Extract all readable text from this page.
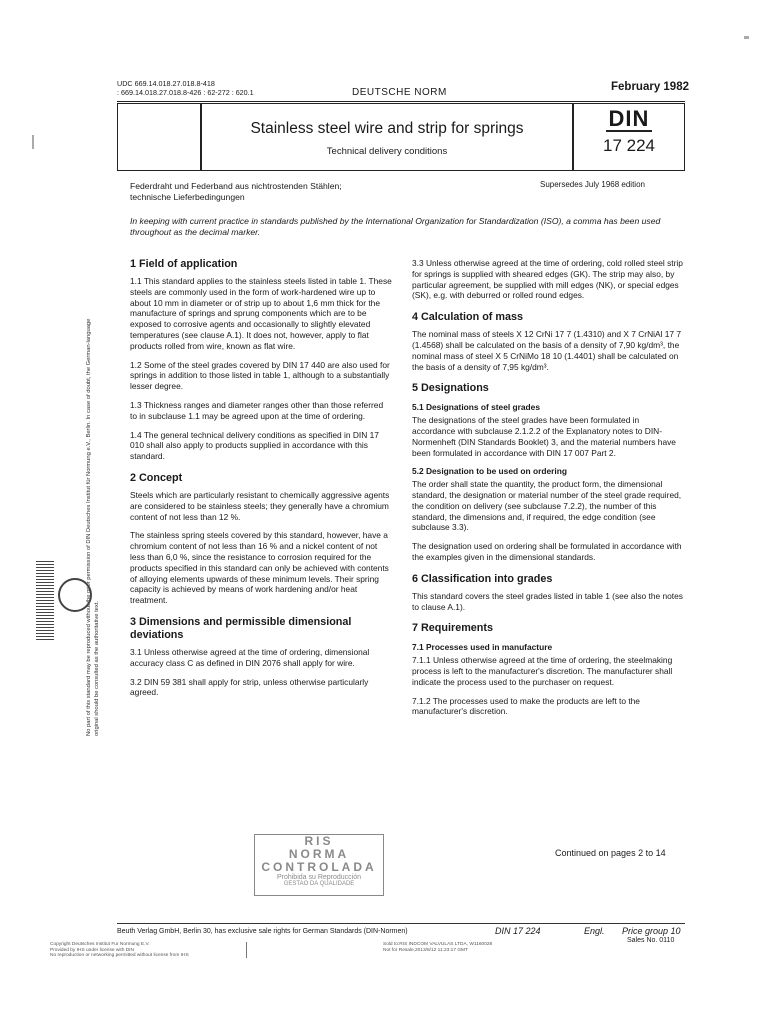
UDC 669.14.018.27.018.8-418
: 669.14.018.27.018.8-426 : 62-272 : 620.1	DEUTSCHE NORM	February 1982
Stainless steel wire and strip for springs
Technical delivery conditions
DIN
17 224
Federdraht und Federband aus nichtrostenden Stählen;
technische Lieferbedingungen
Supersedes July 1968 edition
In keeping with current practice in standards published by the International Organization for Standardization (ISO), a comma has been used throughout as the decimal marker.
1 Field of application

1.1 This standard applies to the stainless steels listed in table 1. These steels are commonly used in the form of work-hardened wire up to about 10 mm in diameter or of strip up to about 1,6 mm thick for the manufacture of springs and sprung components which are to be exposed to corrosive agents and occasionally to slightly elevated temperatures (see clause A.1). It does not, however, apply to flat products rolled from wire, known as flat wire.

1.2 Some of the steel grades covered by DIN 17 440 are also used for springs in addition to those listed in table 1, although to a substantially lesser degree.

1.3 Thickness ranges and diameter ranges other than those referred to in subclause 1.1 may be agreed upon at the time of ordering.

1.4 The general technical delivery conditions as specified in DIN 17 010 shall also apply to products supplied in accordance with this standard.

2 Concept

Steels which are particularly resistant to chemically aggressive agents are considered to be stainless steels; they generally have a chromium content of not less than 12 %.

The stainless spring steels covered by this standard, however, have a chromium content of not less than 16 % and a nickel content of not less than 6,0 %, since the resistance to corrosion required for the products specified in this standard can only be achieved with contents of alloying elements upwards of these minimum levels. Their spring capacity is achieved by means of work hardening and/or heat treatment.

3 Dimensions and permissible dimensional deviations

3.1 Unless otherwise agreed at the time of ordering, dimensional accuracy class C as defined in DIN 2076 shall apply for wire.

3.2 DIN 59 381 shall apply for strip, unless otherwise particularly agreed.

3.3 Unless otherwise agreed at the time of ordering, cold rolled steel strip for springs is supplied with sheared edges (GK). The strip may also, by particular agreement, be supplied with mill edges (NK), or special edges (SK), e.g. with deburred or rolled round edges.

4 Calculation of mass

The nominal mass of steels X 12 CrNi 17 7 (1.4310) and X 7 CrNiAl 17 7 (1.4568) shall be calculated on the basis of a density of 7,90 kg/dm³, the nominal mass of steel X 5 CrNiMo 18 10 (1.4401) shall be calculated on the basis of a density of 7,95 kg/dm³.

5 Designations
5.1 Designations of steel grades

The designations of the steel grades have been formulated in accordance with subclause 2.1.2.2 of the Explanatory notes to DIN-Normenheft (DIN Standards Booklet) 3, and the material numbers have been formulated in accordance with DIN 17 007 Part 2.

5.2 Designation to be used on ordering

The order shall state the quantity, the product form, the dimensional standard, the designation or material number of the steel grade required, the condition on delivery (see subclause 7.2.2), the number of this standard, the dimensions and, if required, the edge condition (see subclause 3.3).

The designation used on ordering shall be formulated in accordance with the examples given in the dimensional standards.

6 Classification into grades

This standard covers the steel grades listed in table 1 (see also the notes to clause A.1).

7 Requirements
7.1 Processes used in manufacture

7.1.1 Unless otherwise agreed at the time of ordering, the steelmaking process is left to the manufacturer's discretion. The manufacturer shall indicate the process used to the purchaser on request.

7.1.2 The processes used to make the products are left to the manufacturer's discretion.

RIS
NORMA
CONTROLADA
Prohibida su Reproducción
GESTAO DA QUALIDADE
Continued on pages 2 to 14
Beuth Verlag GmbH, Berlin 30, has exclusive sale rights for German Standards (DIN-Normen)	DIN 17 224	Engl. Price group 10
Sales No. 0110
Copyright Deutsches Institut Fur Normung E.V.
Provided by IHS under license with DIN
No reproduction or networking permitted without license from IHS
Sold to:RIS INDCOM VALVULAS LTDA, W1160028
Not for Resale,2013/8/12 11:23:17 GMT
No part of this standard may be reproduced without the prior permission of DIN Deutsches Institut für Normung e.V., Berlin. In case of doubt, the German-language original should be consulted as the authoritative text.
